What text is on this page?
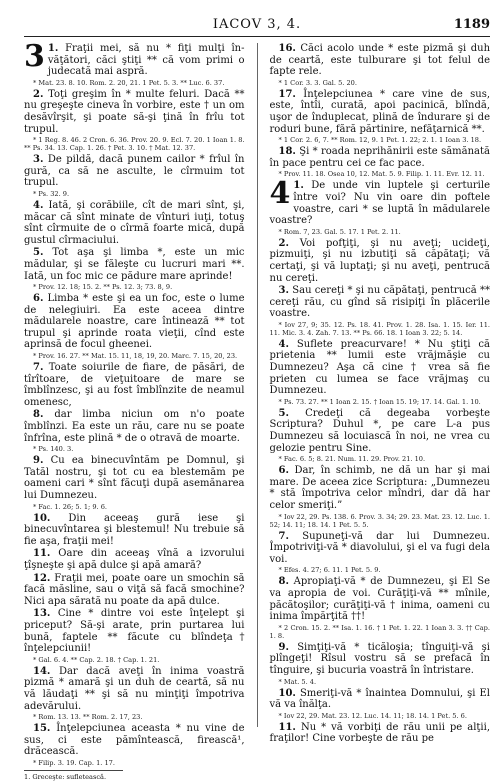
IACOV 3, 4.	1189

3 1. Fraţii mei, să nu * fiţi mulţi în-văţători, căci ştiţi ** că vom primi o judecată mai aspră.

* Mat. 23. 8. 10. Rom. 2. 20, 21. 1 Pet. 5. 3. ** Luc. 6. 37.

2. Toţi greşim în * multe feluri. Dacă ** nu greşeşte cineva în vorbire, este † un om desăvîrşit, şi poate să-şi ţină în frîu tot trupul.

* 1 Reg. 8. 46. 2 Cron. 6. 36. Prov. 20. 9. Ecl. 7. 20. 1 Ioan 1. 8. ** Ps. 34. 13. Cap. 1. 26. † Pet. 3. 10. † Mat. 12. 37.

3. De pildă, dacă punem cailor * frîul în gură, ca să ne asculte, le cîrmuim tot trupul.

* Ps. 32. 9.

4. Iată, şi corăbiile, cît de mari sînt, şi, măcar că sînt minate de vînturi iuţi, totuş sînt cîrmuite de o cîrmă foarte mică, după gustul cîrmaciului.

5. Tot aşa şi limba *, este un mic mădular, şi se făleşte cu lucruri mari **. Iată, un foc mic ce pădure mare aprinde!

* Prov. 12. 18; 15. 2. ** Ps. 12. 3; 73. 8, 9.

6. Limba * este şi ea un foc, este o lume de nelegiuiri. Ea este aceea dintre mădularele noastre, care întinează ** tot trupul şi aprinde roata vieţii, cînd este aprinsă de focul gheenei.

* Prov. 16. 27. ** Mat. 15. 11, 18, 19, 20. Marc. 7. 15, 20, 23.

7. Toate soiurile de fiare, de păsări, de tîrîtoare, de vieţuitoare de mare se îmblînzesc, şi au fost îmblînzite de neamul omenesc,

8. dar limba niciun om n'o poate îmblînzi. Ea este un rău, care nu se poate înfrîna, este plină * de o otravă de moarte.

* Ps. 140. 3.

9. Cu ea binecuvîntăm pe Domnul, şi Tatăl nostru, şi tot cu ea blestemăm pe oameni cari * sînt făcuţi după asemănarea lui Dumnezeu.

* Fac. 1. 26; 5. 1; 9. 6.

10. Din aceeaş gură iese şi binecuvîntarea şi blestemul! Nu trebuie să fie aşa, fraţii mei!

11. Oare din aceeaş vînă a izvorului ţîşneşte şi apă dulce şi apă amară?

12. Fraţii mei, poate oare un smochin să facă măsline, sau o viţă să facă smochine? Nici apa sărată nu poate da apă dulce.

13. Cine * dintre voi este înţelept şi priceput? Să-şi arate, prin purtarea lui bună, faptele ** făcute cu blîndeţa† înţelepciunii!

* Gal. 6. 4. ** Cap. 2. 18. † Cap. 1. 21.

14. Dar dacă aveţi în inima voastră pizmă * amară şi un duh de ceartă, să nu vă lăudaţi ** şi să nu minţiţi împotriva adevărului.

* Rom. 13. 13. ** Rom. 2. 17, 23.

15. Înţelepciunea aceasta * nu vine de sus, ci este pămîntească, firească¹, drăcească.

* Filip. 3. 19. Cap. 1. 17.

1. Greceşte: sufletească.

16. Căci acolo unde * este pizmă şi duh de ceartă, este tulburare şi tot felul de fapte rele.

* 1 Cor. 3. 3. Gal. 5. 20.

17. Înţelepciunea * care vine de sus, este, întîi, curată, apoi pacinică, blîndă, uşor de înduplecat, plină de îndurare şi de roduri bune, fără părtinire, nefăţarnică **.

* 1 Cor. 2. 6, 7. ** Rom. 12, 9. 1 Pet. 1. 22; 2. 1. 1 Ioan 3. 18.

18. Şi * roada neprihănirii este sămănată în pace pentru cei ce fac pace.

* Prov. 11. 18. Osea 10, 12. Mat. 5. 9. Filip. 1. 11. Evr. 12. 11.

4 1. De unde vin luptele şi certurile între voi? Nu vin oare din poftele voastre, cari * se luptă în mădularele voastre?

* Rom. 7, 23. Gal. 5. 17. 1 Pet. 2. 11.

2. Voi pofţiţi, şi nu aveţi; ucideţi, pizmuiţi, şi nu izbutiţi să căpătaţi; vă certaţi, şi vă luptaţi; şi nu aveţi, pentrucă nu cereţi.

3. Sau cereţi * şi nu căpătaţi, pentrucă ** cereţi rău, cu gînd să risipiţi în plăcerile voastre.

* Iov 27, 9; 35. 12. Ps. 18. 41. Prov. 1. 28. Isa. 1. 15. Ier. 11. 11. Mic. 3. 4. Zah. 7. 13. ** Ps. 66. 18. 1 Ioan 3. 22; 5. 14.

4. Suflete preacurvare! * Nu ştiţi că prietenia ** lumii este vrăjmăşie cu Dumnezeu? Aşa că cine † vrea să fie prieten cu lumea se face vrăjmaş cu Dumnezeu.

* Ps. 73. 27. ** 1 Ioan 2. 15. † Ioan 15. 19; 17. 14. Gal. 1. 10.

5. Credeţi că degeaba vorbeşte Scriptura? Duhul *, pe care L-a pus Dumnezeu să locuiască în noi, ne vrea cu gelozie pentru Sine.

* Fac. 6. 5; 8. 21. Num. 11. 29. Prov. 21. 10.

6. Dar, în schimb, ne dă un har şi mai mare. De aceea zice Scriptura: „Dumnezeu * stă împotriva celor mîndri, dar dă har celor smeriţi.”

* Iov 22, 29. Ps. 138. 6. Prov. 3. 34; 29. 23. Mat. 23. 12. Luc. 1. 52; 14. 11; 18. 14. 1 Pet. 5. 5.

7. Supuneţi-vă dar lui Dumnezeu. Împotriviţi-vă * diavolului, şi el va fugi dela voi.

* Efes. 4. 27; 6. 11. 1 Pet. 5. 9.

8. Apropiaţi-vă * de Dumnezeu, şi El Se va apropia de voi. Curăţiţi-vă ** mînile, păcătoşilor; curăţiţi-vă † inima, oameni cu inima împărţită ††!

* 2 Cron. 15. 2. ** Isa. 1. 16. † 1 Pet. 1. 22. 1 Ioan 3. 3. †† Cap. 1. 8.

9. Simţiţi-vă * ticăloşia; tînguiţi-vă şi plîngeţi! Rîsul vostru să se prefacă în tînguire, şi bucuria voastră în întristare.

* Mat. 5. 4.

10. Smeriţi-vă * înaintea Domnului, şi El vă va înălţa.

* Iov 22, 29. Mat. 23. 12. Luc. 14. 11; 18. 14. 1 Pet. 5. 6.

11. Nu * vă vorbiţi de rău unii pe alţii, fraţilor! Cine vorbeşte de rău pe
